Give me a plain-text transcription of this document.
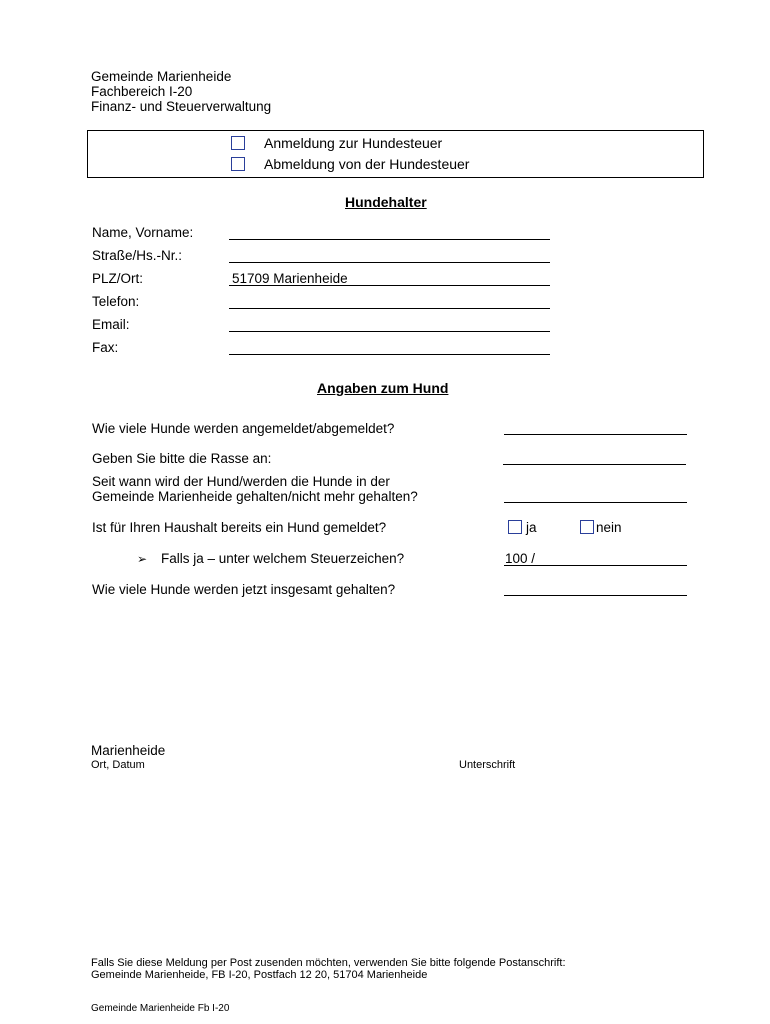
Gemeinde Marienheide
Fachbereich I-20
Finanz- und Steuerverwaltung
Anmeldung zur Hundesteuer
Abmeldung von der Hundesteuer
Hundehalter
Name, Vorname:
Straße/Hs.-Nr.:
PLZ/Ort:	51709 Marienheide
Telefon:
Email:
Fax:
Angaben zum Hund
Wie viele Hunde werden angemeldet/abgemeldet?
Geben Sie bitte die Rasse an:
Seit wann wird der Hund/werden die Hunde in der
Gemeinde Marienheide gehalten/nicht mehr gehalten?
Ist für Ihren Haushalt bereits ein Hund gemeldet?	ja	nein
➢ Falls ja – unter welchem Steuerzeichen?	100 /
Wie viele Hunde werden jetzt insgesamt gehalten?
Marienheide
Ort, Datum	Unterschrift
Falls Sie diese Meldung per Post zusenden möchten, verwenden Sie bitte folgende Postanschrift:
Gemeinde Marienheide, FB I-20, Postfach 12 20, 51704 Marienheide
Gemeinde Marienheide Fb I-20
